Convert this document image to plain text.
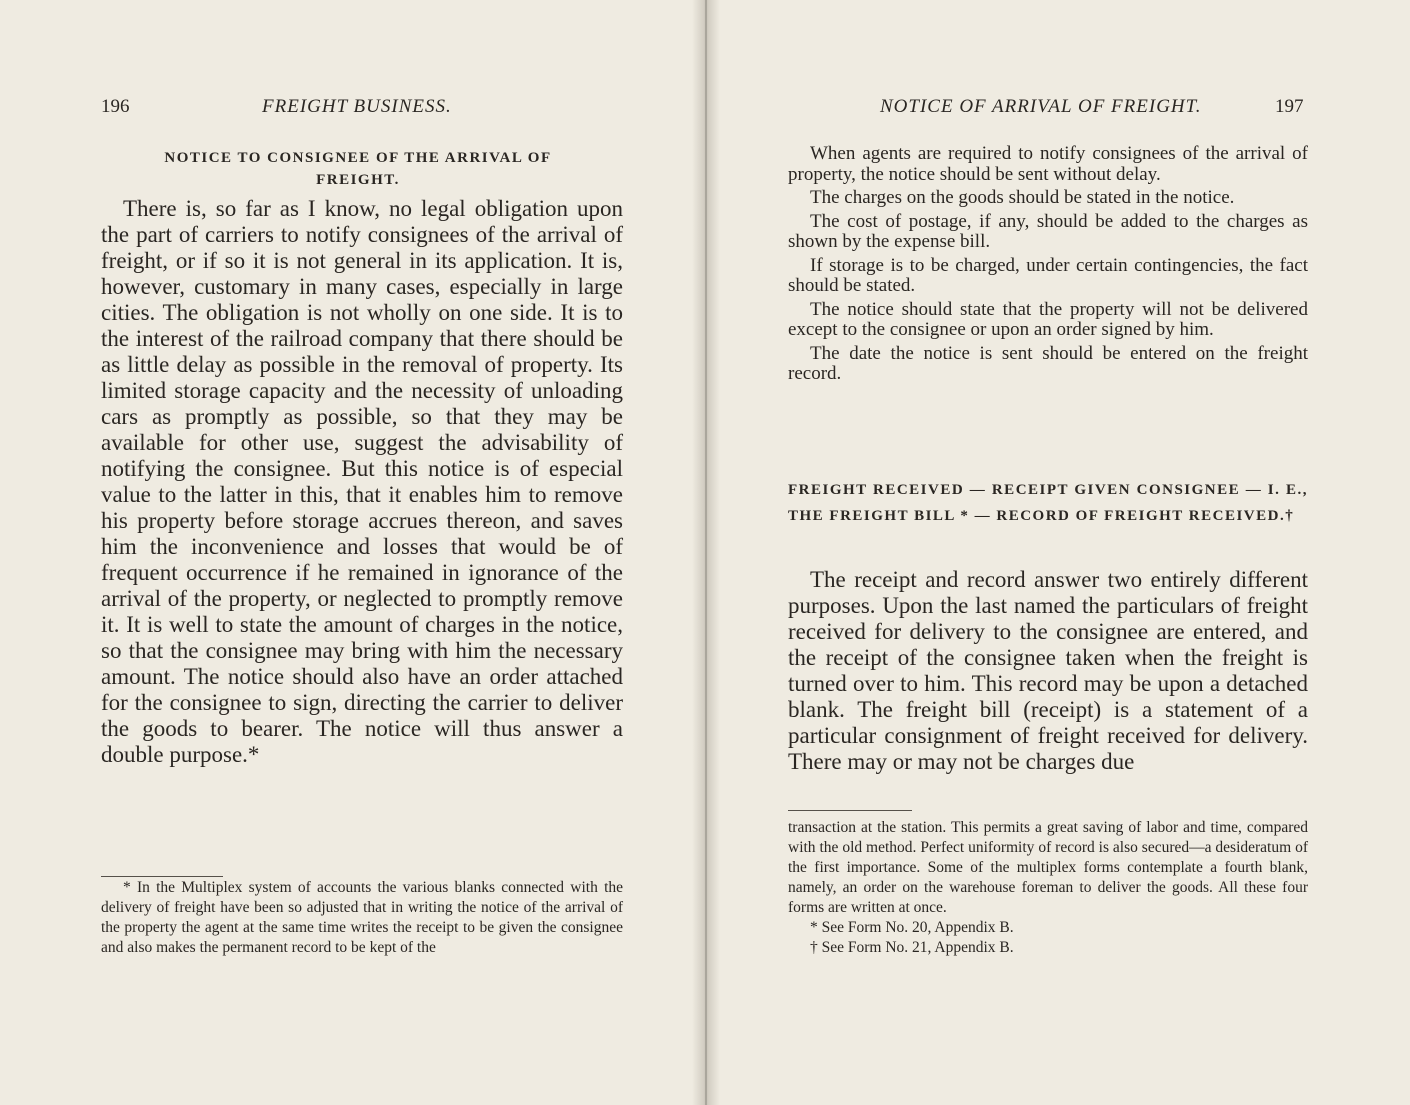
196	FREIGHT BUSINESS.
NOTICE TO CONSIGNEE OF THE ARRIVAL OF FREIGHT.

There is, so far as I know, no legal obligation upon the part of carriers to notify consignees of the arrival of freight, or if so it is not general in its application. It is, however, customary in many cases, especially in large cities. The obligation is not wholly on one side. It is to the interest of the railroad company that there should be as little delay as possible in the removal of property. Its limited storage capacity and the necessity of unloading cars as promptly as possible, so that they may be available for other use, suggest the advisability of notifying the consignee. But this notice is of especial value to the latter in this, that it enables him to remove his property before storage accrues thereon, and saves him the inconvenience and losses that would be of frequent occurrence if he remained in ignorance of the arrival of the property, or neglected to promptly remove it. It is well to state the amount of charges in the notice, so that the consignee may bring with him the necessary amount. The notice should also have an order attached for the consignee to sign, directing the carrier to deliver the goods to bearer. The notice will thus answer a double purpose.*

* In the Multiplex system of accounts the various blanks connected with the delivery of freight have been so adjusted that in writing the notice of the arrival of the property the agent at the same time writes the receipt to be given the consignee and also makes the permanent record to be kept of the

NOTICE OF ARRIVAL OF FREIGHT.	197

When agents are required to notify consignees of the arrival of property, the notice should be sent without delay.

The charges on the goods should be stated in the notice.

The cost of postage, if any, should be added to the charges as shown by the expense bill.

If storage is to be charged, under certain contingencies, the fact should be stated.

The notice should state that the property will not be delivered except to the consignee or upon an order signed by him.

The date the notice is sent should be entered on the freight record.

FREIGHT RECEIVED — RECEIPT GIVEN CONSIGNEE — I. E., THE FREIGHT BILL * — RECORD OF FREIGHT RECEIVED.†

The receipt and record answer two entirely different purposes. Upon the last named the particulars of freight received for delivery to the consignee are entered, and the receipt of the consignee taken when the freight is turned over to him. This record may be upon a detached blank. The freight bill (receipt) is a statement of a particular consignment of freight received for delivery. There may or may not be charges due

transaction at the station. This permits a great saving of labor and time, compared with the old method. Perfect uniformity of record is also secured—a desideratum of the first importance. Some of the multiplex forms contemplate a fourth blank, namely, an order on the warehouse foreman to deliver the goods. All these four forms are written at once.

* See Form No. 20, Appendix B.

† See Form No. 21, Appendix B.
